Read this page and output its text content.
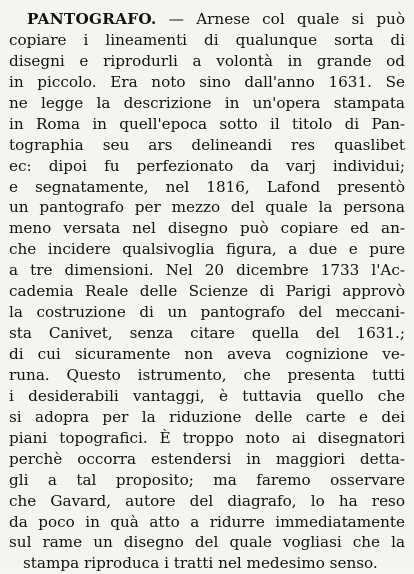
PANTOGRAFO. — Arnese col quale si può
copiare i lineamenti di qualunque sorta di
disegni e riprodurli a volontà in grande od
in piccolo. Era noto sino dall'anno 1631. Se
ne legge la descrizione in un'opera stampata
in Roma in quell'epoca sotto il titolo di Pan-
tographia seu ars delineandi res quaslibet
ec: dipoi fu perfezionato da varj individui;
e segnatamente, nel 1816, Lafond presentò
un pantografo per mezzo del quale la persona
meno versata nel disegno può copiare ed an-
che incidere qualsivoglia figura, a due e pure
a tre dimensioni. Nel 20 dicembre 1733 l'Ac-
cademia Reale delle Scienze di Parigi approvò
la costruzione di un pantografo del meccani-
sta Canivet, senza citare quella del 1631.;
di cui sicuramente non aveva cognizione ve-
runa. Questo istrumento, che presenta tutti
i desiderabili vantaggi, è tuttavia quello che
si adopra per la riduzione delle carte e dei
piani topografici. È troppo noto ai disegnatori
perchè occorra estendersi in maggiori detta-
gli a tal proposito; ma faremo osservare
che Gavard, autore del diagrafo, lo ha reso
da poco in quà atto a ridurre immediatamente
sul rame un disegno del quale vogliasi che la
stampa riproduca i tratti nel medesimo senso.
